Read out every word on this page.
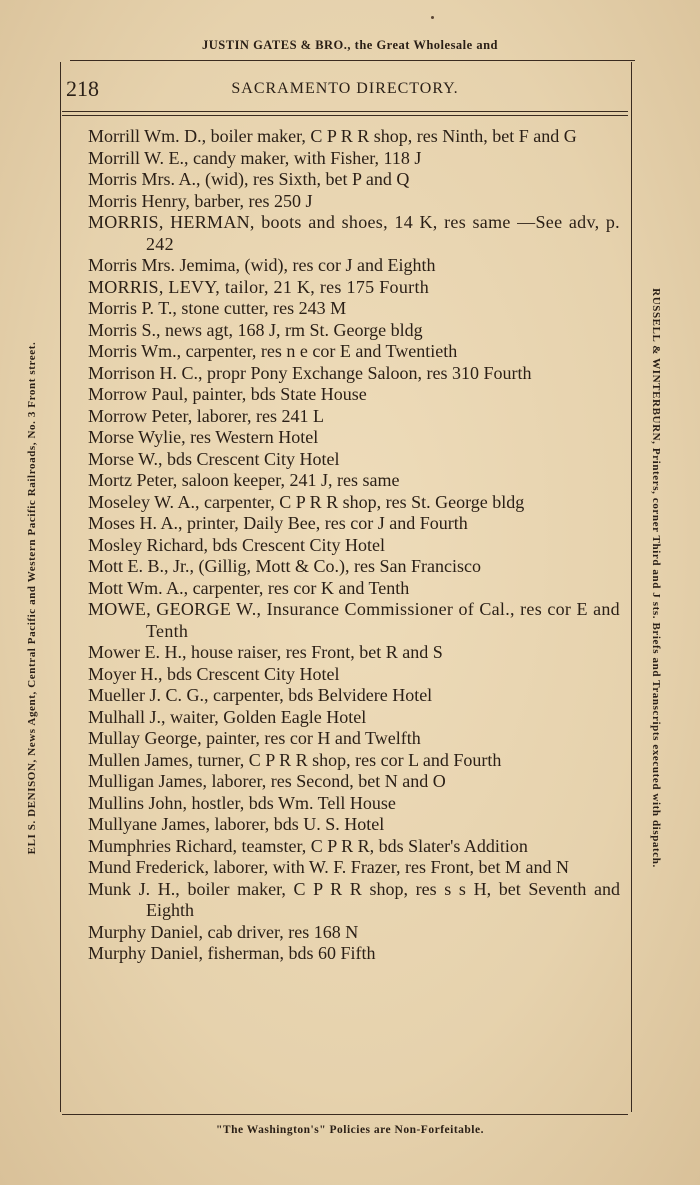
JUSTIN GATES & BRO., the Great Wholesale and
218	SACRAMENTO DIRECTORY.
Morrill Wm. D., boiler maker, C P R R shop, res Ninth, bet F and G
Morrill W. E., candy maker, with Fisher, 118 J
Morris Mrs. A., (wid), res Sixth, bet P and Q
Morris Henry, barber, res 250 J
MORRIS, HERMAN, boots and shoes, 14 K, res same —See adv, p. 242
Morris Mrs. Jemima, (wid), res cor J and Eighth
MORRIS, LEVY, tailor, 21 K, res 175 Fourth
Morris P. T., stone cutter, res 243 M
Morris S., news agt, 168 J, rm St. George bldg
Morris Wm., carpenter, res n e cor E and Twentieth
Morrison H. C., propr Pony Exchange Saloon, res 310 Fourth
Morrow Paul, painter, bds State House
Morrow Peter, laborer, res 241 L
Morse Wylie, res Western Hotel
Morse W., bds Crescent City Hotel
Mortz Peter, saloon keeper, 241 J, res same
Moseley W. A., carpenter, C P R R shop, res St. George bldg
Moses H. A., printer, Daily Bee, res cor J and Fourth
Mosley Richard, bds Crescent City Hotel
Mott E. B., Jr., (Gillig, Mott & Co.), res San Francisco
Mott Wm. A., carpenter, res cor K and Tenth
MOWE, GEORGE W., Insurance Commissioner of Cal., res cor E and Tenth
Mower E. H., house raiser, res Front, bet R and S
Moyer H., bds Crescent City Hotel
Mueller J. C. G., carpenter, bds Belvidere Hotel
Mulhall J., waiter, Golden Eagle Hotel
Mullay George, painter, res cor H and Twelfth
Mullen James, turner, C P R R shop, res cor L and Fourth
Mulligan James, laborer, res Second, bet N and O
Mullins John, hostler, bds Wm. Tell House
Mullyane James, laborer, bds U. S. Hotel
Mumphries Richard, teamster, C P R R, bds Slater's Addition
Mund Frederick, laborer, with W. F. Frazer, res Front, bet M and N
Munk J. H., boiler maker, C P R R shop, res s s H, bet Seventh and Eighth
Murphy Daniel, cab driver, res 168 N
Murphy Daniel, fisherman, bds 60 Fifth
"The Washington's" Policies are Non-Forfeitable.
ELI S. DENISON, News Agent, Central Pacific and Western Pacific Railroads, No. 3 Front street.	RUSSELL & WINTERBURN, Printers, corner Third and J sts. Briefs and Transcripts executed with dispatch.
